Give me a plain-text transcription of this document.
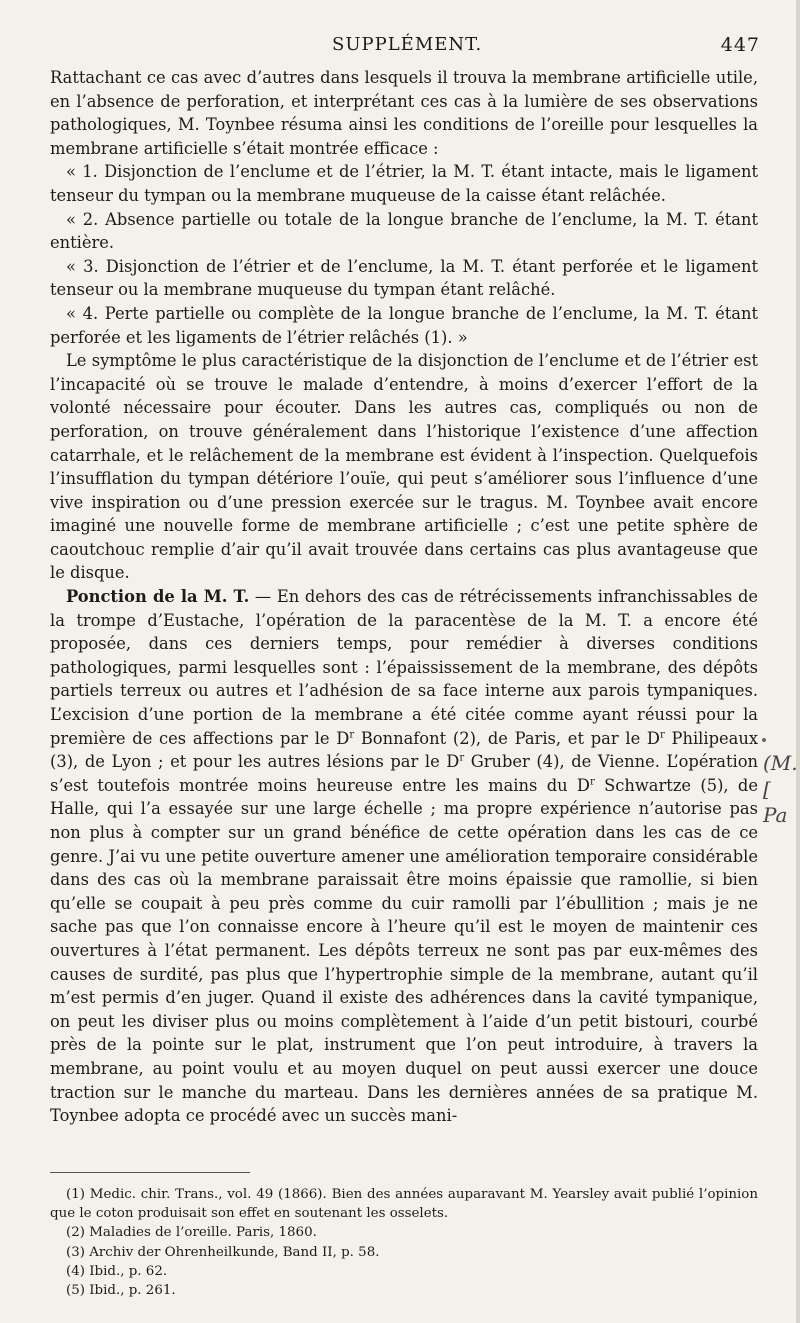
SUPPLÉMENT.	447

Rattachant ce cas avec d’autres dans lesquels il trouva la membrane artificielle utile, en l’absence de perforation, et interprétant ces cas à la lumière de ses observations pathologiques, M. Toynbee résuma ainsi les conditions de l’oreille pour lesquelles la membrane artificielle s’était montrée efficace :

« 1. Disjonction de l’enclume et de l’étrier, la M. T. étant intacte, mais le ligament tenseur du tympan ou la membrane muqueuse de la caisse étant relâchée.

« 2. Absence partielle ou totale de la longue branche de l’enclume, la M. T. étant entière.

« 3. Disjonction de l’étrier et de l’enclume, la M. T. étant perforée et le ligament tenseur ou la membrane muqueuse du tympan étant relâché.

« 4. Perte partielle ou complète de la longue branche de l’enclume, la M. T. étant perforée et les ligaments de l’étrier relâchés (1). »

Le symptôme le plus caractéristique de la disjonction de l’enclume et de l’étrier est l’incapacité où se trouve le malade d’entendre, à moins d’exercer l’effort de la volonté nécessaire pour écouter. Dans les autres cas, compliqués ou non de perforation, on trouve généralement dans l’historique l’existence d’une affection catarrhale, et le relâchement de la membrane est évident à l’inspection. Quelquefois l’insufflation du tympan détériore l’ouïe, qui peut s’améliorer sous l’influence d’une vive inspiration ou d’une pression exercée sur le tragus. M. Toynbee avait encore imaginé une nouvelle forme de membrane artificielle ; c’est une petite sphère de caoutchouc remplie d’air qu’il avait trouvée dans certains cas plus avantageuse que le disque.

Ponction de la M. T. — En dehors des cas de rétrécissements infranchissables de la trompe d’Eustache, l’opération de la paracentèse de la M. T. a encore été proposée, dans ces derniers temps, pour remédier à diverses conditions pathologiques, parmi lesquelles sont : l’épaississement de la membrane, des dépôts partiels terreux ou autres et l’adhésion de sa face interne aux parois tympaniques. L’excision d’une portion de la membrane a été citée comme ayant réussi pour la première de ces affections par le $D^r$ Bonnafont (2), de Paris, et par le $D^r$ Philipeaux (3), de Lyon ; et pour les autres lésions par le $D^r$ Gruber (4), de Vienne. L’opération s’est toutefois montrée moins heureuse entre les mains du $D^r$ Schwartze (5), de Halle, qui l’a essayée sur une large échelle ; ma propre expérience n’autorise pas non plus à compter sur un grand bénéfice de cette opération dans les cas de ce genre. J’ai vu une petite ouverture amener une amélioration temporaire considérable dans des cas où la membrane paraissait être moins épaissie que ramollie, si bien qu’elle se coupait à peu près comme du cuir ramolli par l’ébullition ; mais je ne sache pas que l’on connaisse encore à l’heure qu’il est le moyen de maintenir ces ouvertures à l’état permanent. Les dépôts terreux ne sont pas par eux-mêmes des causes de surdité, pas plus que l’hypertrophie simple de la membrane, autant qu’il m’est permis d’en juger. Quand il existe des adhérences dans la cavité tympanique, on peut les diviser plus ou moins complètement à l’aide d’un petit bistouri, courbé près de la pointe sur le plat, instrument que l’on peut introduire, à travers la membrane, au point voulu et au moyen duquel on peut aussi exercer une douce traction sur le manche du marteau. Dans les dernières années de sa pratique M. Toynbee adopta ce procédé avec un succès mani-

(1) Medic. chir. Trans., vol. 49 (1866). Bien des années auparavant M. Yearsley avait publié l’opinion que le coton produisait son effet en soutenant les osselets.

(2) Maladies de l’oreille. Paris, 1860.

(3) Archiv der Ohrenheilkunde, Band II, p. 58.

(4) Ibid., p. 62.

(5) Ibid., p. 261.

(M.
[ Pa
